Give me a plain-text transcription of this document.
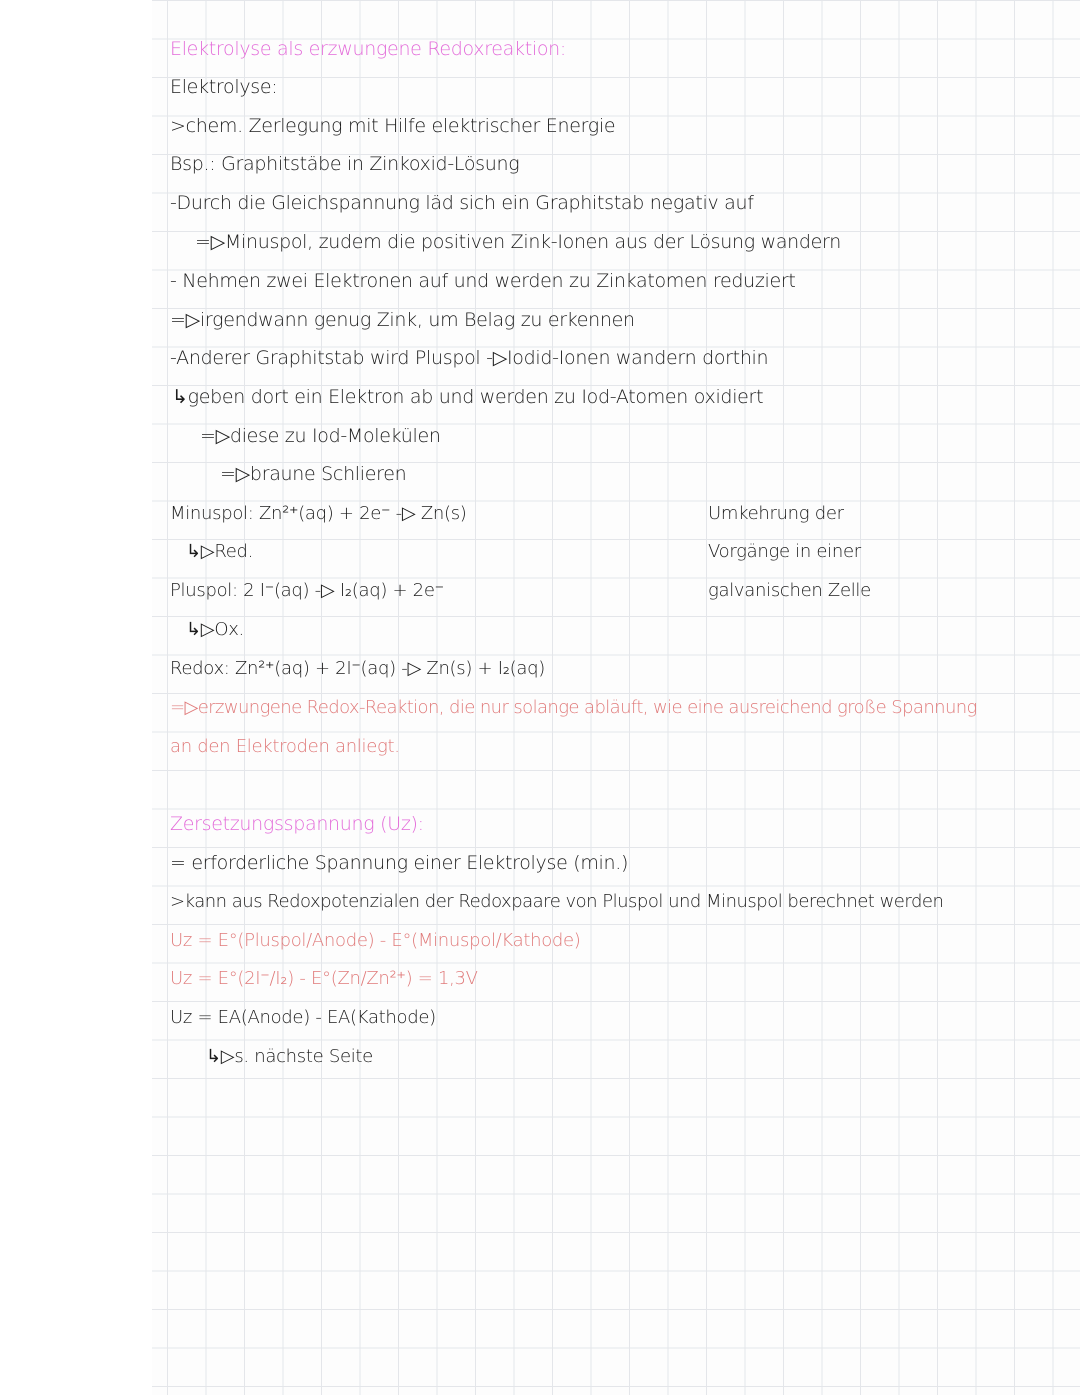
Elektrolyse als erzwungene Redoxreaktion:
Elektrolyse:
>chem. Zerlegung mit Hilfe elektrischer Energie
Bsp.: Graphitstäbe in Zinkoxid-Lösung
-Durch die Gleichspannung läd sich ein Graphitstab negativ auf
=▷Minuspol, zudem die positiven Zink-Ionen aus der Lösung wandern
- Nehmen zwei Elektronen auf und werden zu Zinkatomen reduziert
=▷irgendwann genug Zink, um Belag zu erkennen
-Anderer Graphitstab wird Pluspol -▷Iodid-Ionen wandern dorthin
↳geben dort ein Elektron ab und werden zu Iod-Atomen oxidiert
=▷diese zu Iod-Molekülen
=▷braune Schlieren
Minuspol: Zn²⁺(aq) + 2e⁻ -▷ Zn(s)
↳▷Red.
Pluspol: 2 I⁻(aq) -▷ I₂(aq) + 2e⁻
↳▷Ox.
Redox: Zn²⁺(aq) + 2I⁻(aq) -▷ Zn(s) + I₂(aq)
Umkehrung der
Vorgänge in einer
galvanischen Zelle
=▷erzwungene Redox-Reaktion, die nur solange abläuft, wie eine ausreichend große Spannung
an den Elektroden anliegt.
Zersetzungsspannung (Uz):
= erforderliche Spannung einer Elektrolyse (min.)
>kann aus Redoxpotenzialen der Redoxpaare von Pluspol und Minuspol berechnet werden
Uz = E°(Pluspol/Anode) - E°(Minuspol/Kathode)
Uz = E°(2I⁻/I₂) - E°(Zn/Zn²⁺) = 1,3V
Uz = EA(Anode) - EA(Kathode)
↳▷s. nächste Seite
